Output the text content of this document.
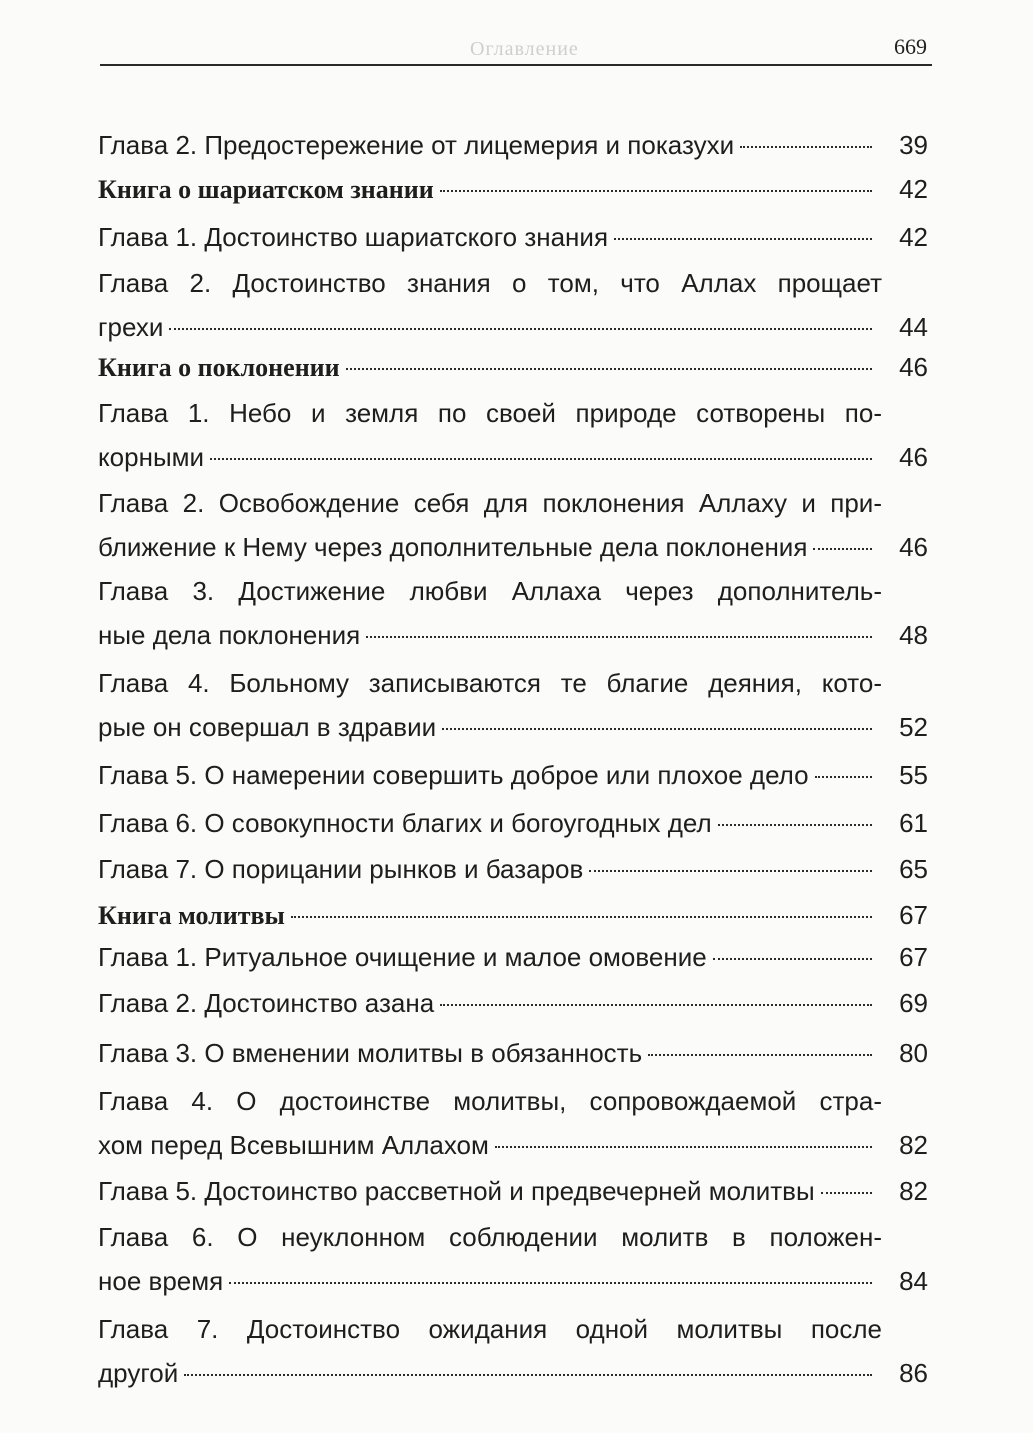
Оглавление	669
Глава 2. Предостережение от лицемерия и показухи	39
Книга о шариатском знании	42
Глава 1. Достоинство шариатского знания	42
Глава 2. Достоинство знания о том, что Аллах прощает
грехи	44
Книга о поклонении	46
Глава 1. Небо и земля по своей природе сотворены по-
корными	46
Глава 2. Освобождение себя для поклонения Аллаху и при-
ближение к Нему через дополнительные дела поклонения	46
Глава 3. Достижение любви Аллаха через дополнитель-
ные дела поклонения	48
Глава 4. Больному записываются те благие деяния, кото-
рые он совершал в здравии	52
Глава 5. О намерении совершить доброе или плохое дело	55
Глава 6. О совокупности благих и богоугодных дел	61
Глава 7. О порицании рынков и базаров	65
Книга молитвы	67
Глава 1. Ритуальное очищение и малое омовение	67
Глава 2. Достоинство азана	69
Глава 3. О вменении молитвы в обязанность	80
Глава 4. О достоинстве молитвы, сопровождаемой стра-
хом перед Всевышним Аллахом	82
Глава 5. Достоинство рассветной и предвечерней молитвы	82
Глава 6. О неуклонном соблюдении молитв в положен-
ное время	84
Глава 7. Достоинство ожидания одной молитвы после
другой	86
